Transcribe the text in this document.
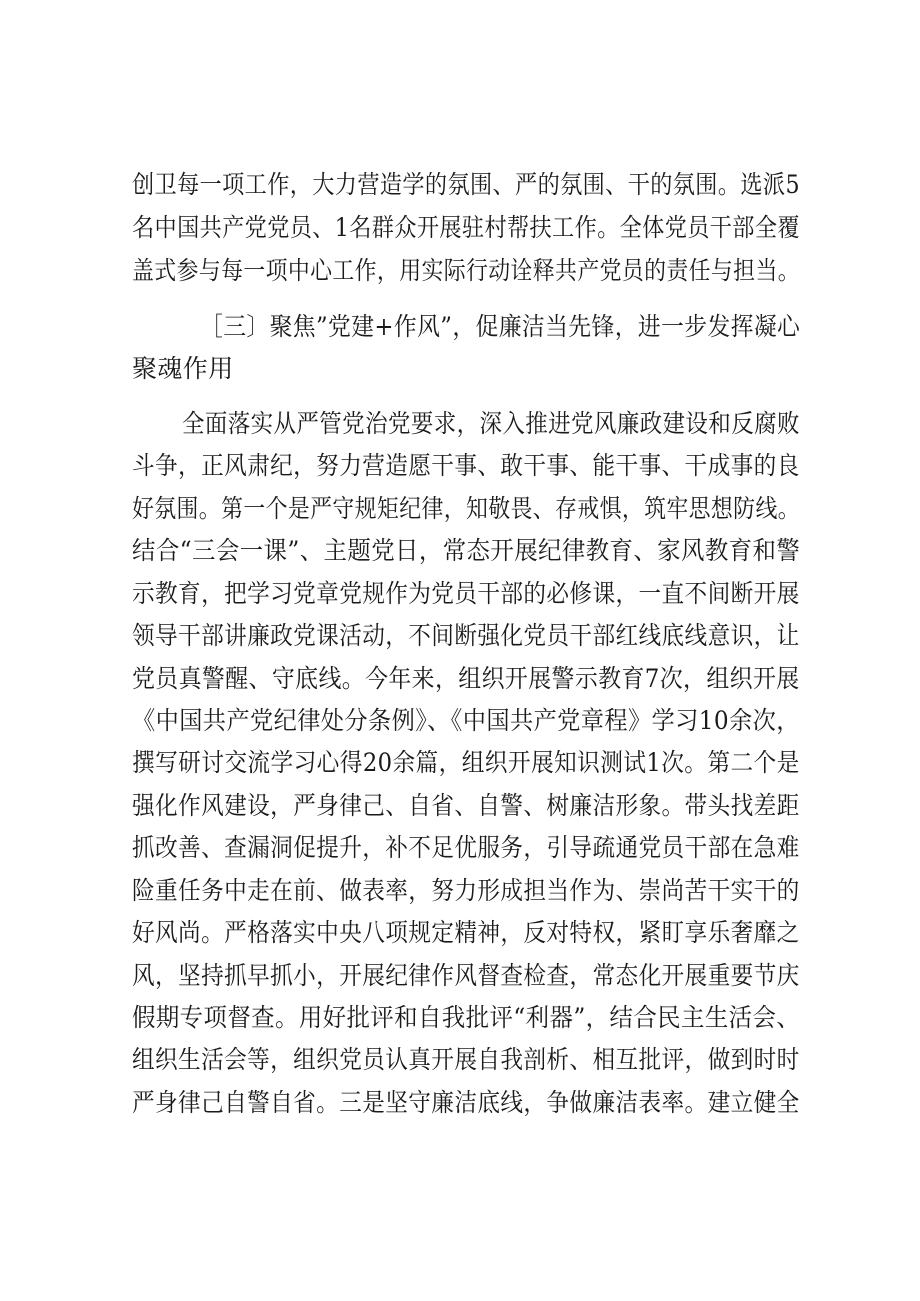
创卫每一项工作，大力营造学的氛围、严的氛围、干的氛围。选派5
名中国共产党党员、1名群众开展驻村帮扶工作。全体党员干部全覆
盖式参与每一项中心工作，用实际行动诠释共产党员的责任与担当。
［三〕聚焦”党建+作风”，促廉洁当先锋，进一步发挥凝心
聚魂作用
全面落实从严管党治党要求，深入推进党风廉政建设和反腐败
斗争，正风肃纪，努力营造愿干事、敢干事、能干事、干成事的良
好氛围。第一个是严守规矩纪律，知敬畏、存戒惧，筑牢思想防线。
结合“三会一课”、主题党日，常态开展纪律教育、家风教育和警
示教育，把学习党章党规作为党员干部的必修课，一直不间断开展
领导干部讲廉政党课活动，不间断强化党员干部红线底线意识，让
党员真警醒、守底线。今年来，组织开展警示教育7次，组织开展
《中国共产党纪律处分条例》、《中国共产党章程》学习10余次，
撰写研讨交流学习心得20余篇，组织开展知识测试1次。第二个是
强化作风建设，严身律己、自省、自警、树廉洁形象。带头找差距
抓改善、查漏洞促提升，补不足优服务，引导疏通党员干部在急难
险重任务中走在前、做表率，努力形成担当作为、崇尚苦干实干的
好风尚。严格落实中央八项规定精神，反对特权，紧盯享乐奢靡之
风，坚持抓早抓小，开展纪律作风督查检查，常态化开展重要节庆
假期专项督查。用好批评和自我批评“利器”，结合民主生活会、
组织生活会等，组织党员认真开展自我剖析、相互批评，做到时时
严身律己自警自省。三是坚守廉洁底线，争做廉洁表率。建立健全
